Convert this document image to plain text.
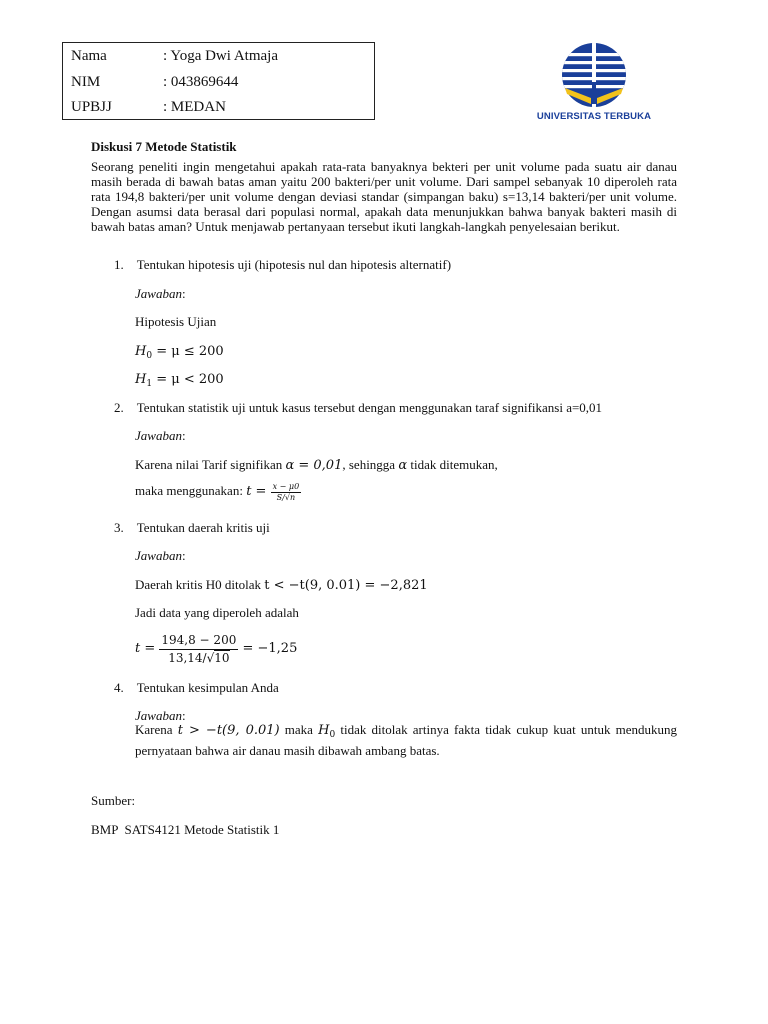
Nama	: Yoga Dwi Atmaja
NIM	: 043869644
UPBJJ	: MEDAN
UNIVERSITAS TERBUKA
Diskusi 7 Metode Statistik
Seorang peneliti ingin mengetahui apakah rata-rata banyaknya bekteri per unit volume pada suatu air danau masih berada di bawah batas aman yaitu 200 bakteri/per unit volume. Dari sampel sebanyak 10 diperoleh rata rata 194,8 bakteri/per unit volume dengan deviasi standar (simpangan baku) s=13,14 bakteri/per unit volume. Dengan asumsi data berasal dari populasi normal, apakah data menunjukkan bahwa banyak bakteri masih di bawah batas aman? Untuk menjawab pertanyaan tersebut ikuti langkah-langkah penyelesaian berikut.
1. Tentukan hipotesis uji (hipotesis nul dan hipotesis alternatif)
Jawaban:
Hipotesis Ujian
$H_0 = \mu \le 200$
$H_1 = \mu < 200$
2. Tentukan statistik uji untuk kasus tersebut dengan menggunakan taraf signifikansi a=0,01
Jawaban:
Karena nilai Tarif signifikan α = 0,01, sehingga α tidak ditemukan,
maka menggunakan: $t = \frac{x - \mu 0}{S/√n}$
3. Tentukan daerah kritis uji
Jawaban:
Daerah kritis H0 ditolak t < −t(9, 0.01) = −2,821
Jadi data yang diperoleh adalah
$t = \frac{194,8 - 200}{13,14/√10} = -1,25$
4. Tentukan kesimpulan Anda
Jawaban:
Karena t > −t(9, 0.01) maka $H_0$ tidak ditolak artinya fakta tidak cukup kuat untuk mendukung pernyataan bahwa air danau masih dibawah ambang batas.
Sumber:
BMP  SATS4121 Metode Statistik 1
